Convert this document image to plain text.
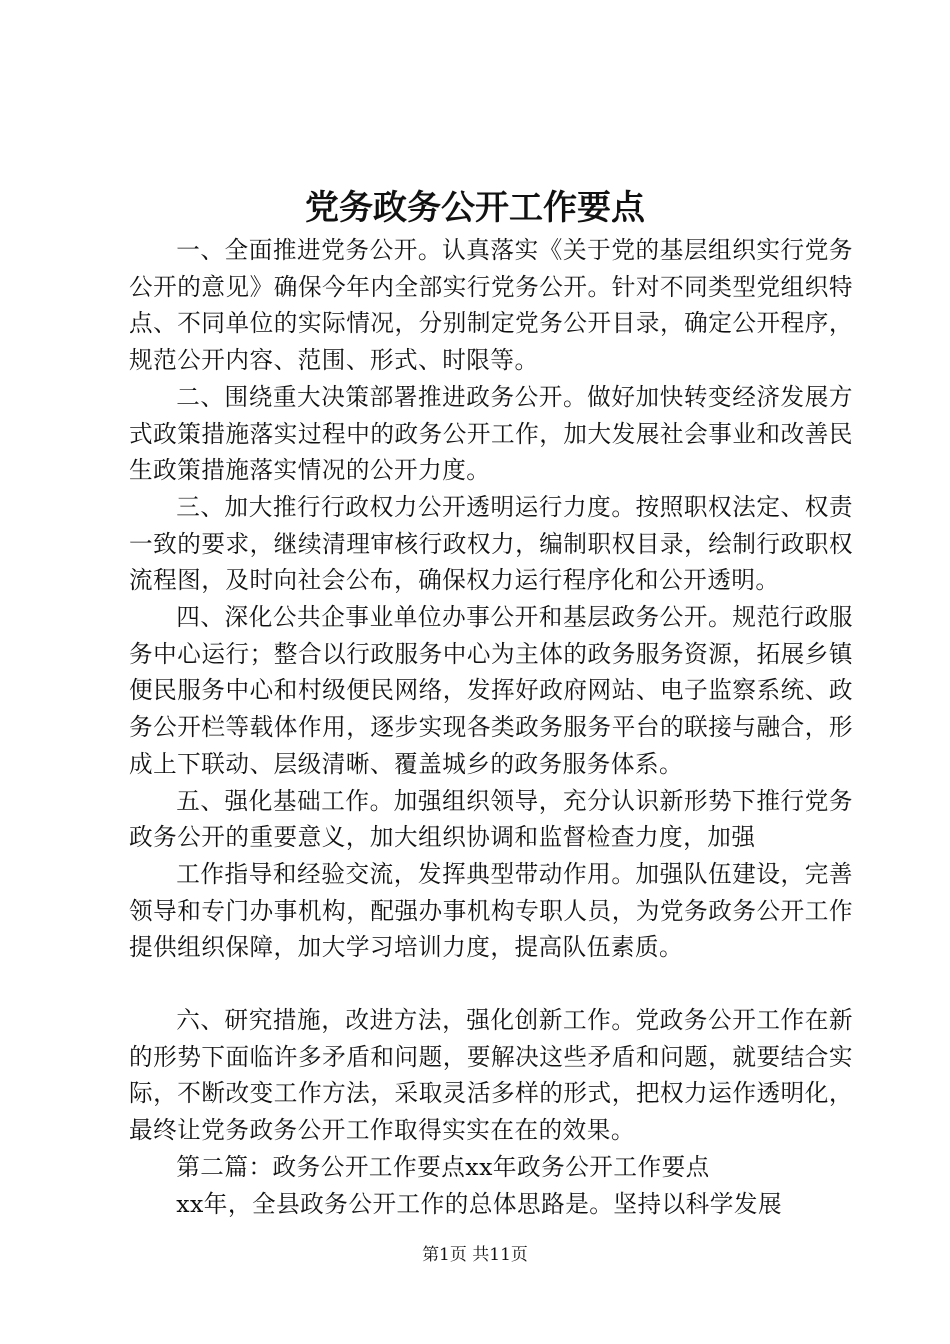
党务政务公开工作要点

一、全面推进党务公开。认真落实《关于党的基层组织实行党务公开的意见》确保今年内全部实行党务公开。针对不同类型党组织特点、不同单位的实际情况，分别制定党务公开目录，确定公开程序，规范公开内容、范围、形式、时限等。

二、围绕重大决策部署推进政务公开。做好加快转变经济发展方式政策措施落实过程中的政务公开工作，加大发展社会事业和改善民生政策措施落实情况的公开力度。

三、加大推行行政权力公开透明运行力度。按照职权法定、权责一致的要求，继续清理审核行政权力，编制职权目录，绘制行政职权流程图，及时向社会公布，确保权力运行程序化和公开透明。

四、深化公共企事业单位办事公开和基层政务公开。规范行政服务中心运行；整合以行政服务中心为主体的政务服务资源，拓展乡镇便民服务中心和村级便民网络，发挥好政府网站、电子监察系统、政务公开栏等载体作用，逐步实现各类政务服务平台的联接与融合，形成上下联动、层级清晰、覆盖城乡的政务服务体系。

五、强化基础工作。加强组织领导，充分认识新形势下推行党务政务公开的重要意义，加大组织协调和监督检查力度，加强

工作指导和经验交流，发挥典型带动作用。加强队伍建设，完善领导和专门办事机构，配强办事机构专职人员，为党务政务公开工作提供组织保障，加大学习培训力度，提高队伍素质。

六、研究措施，改进方法，强化创新工作。党政务公开工作在新的形势下面临许多矛盾和问题，要解决这些矛盾和问题，就要结合实际，不断改变工作方法，采取灵活多样的形式，把权力运作透明化，最终让党务政务公开工作取得实实在在的效果。

第二篇：政务公开工作要点xx年政务公开工作要点

xx年，全县政务公开工作的总体思路是。坚持以科学发展

第1页 共11页
